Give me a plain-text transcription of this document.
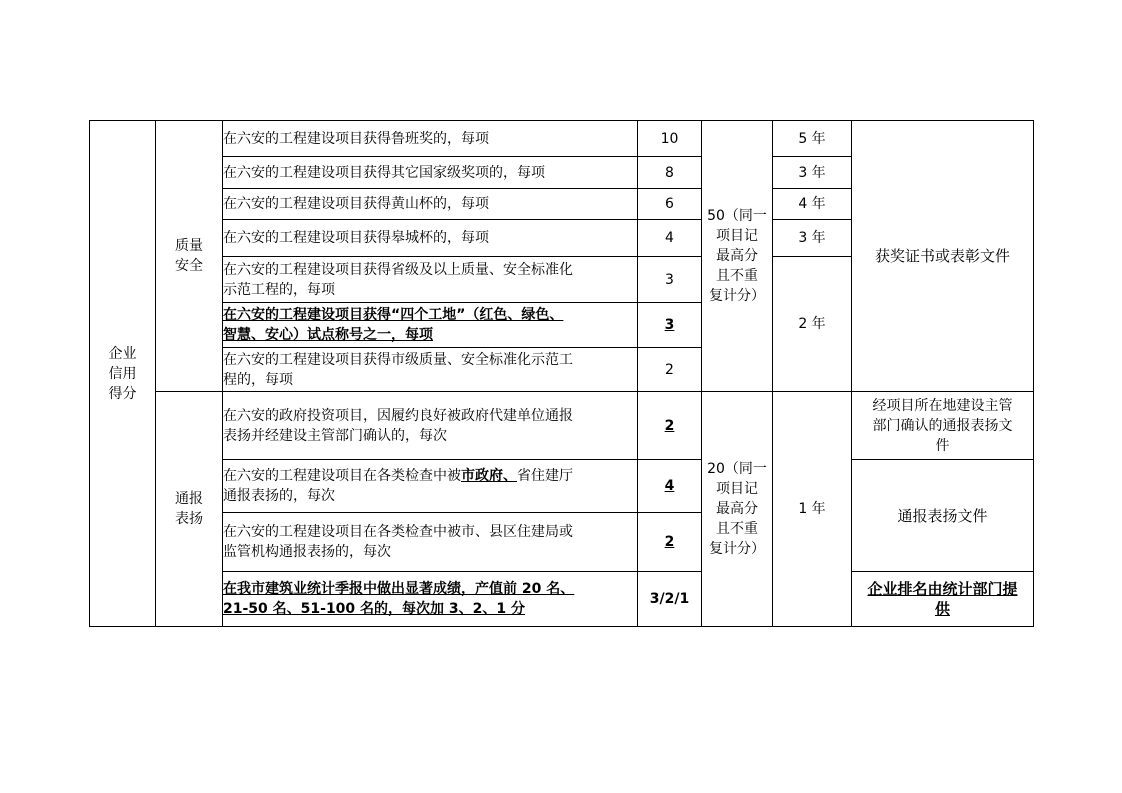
企业
信用
得分	质量
安全	在六安的工程建设项目获得鲁班奖的，每项	10	50（同一
项目记
最高分
且不重
复计分）	5 年	获奖证书或表彰文件
		在六安的工程建设项目获得其它国家级奖项的，每项	8		3 年	
		在六安的工程建设项目获得黄山杯的，每项	6		4 年	
		在六安的工程建设项目获得皋城杯的，每项	4		3 年	

		在六安的工程建设项目获得省级及以上质量、安全标准化
示范工程的，每项	3		2 年	

		在六安的工程建设项目获得“四个工地”（红色、绿色、
智慧、安心）试点称号之一，每项	3			

		在六安的工程建设项目获得市级质量、安全标准化示范工
程的，每项	2			

	通报
表扬	在六安的政府投资项目，因履约良好被政府代建单位通报
表扬并经建设主管部门确认的，每次	2	20（同一
项目记
最高分
且不重
复计分）	1 年	经项目所在地建设主管
部门确认的通报表扬文
件

		在六安的工程建设项目在各类检查中被市政府、省住建厅
通报表扬的，每次	4			通报表扬文件

		在六安的工程建设项目在各类检查中被市、县区住建局或
监管机构通报表扬的，每次	2			

		在我市建筑业统计季报中做出显著成绩，产值前 20 名、
21-50 名、51-100 名的，每次加 3、2、1 分	3/2/1			企业排名由统计部门提
供
